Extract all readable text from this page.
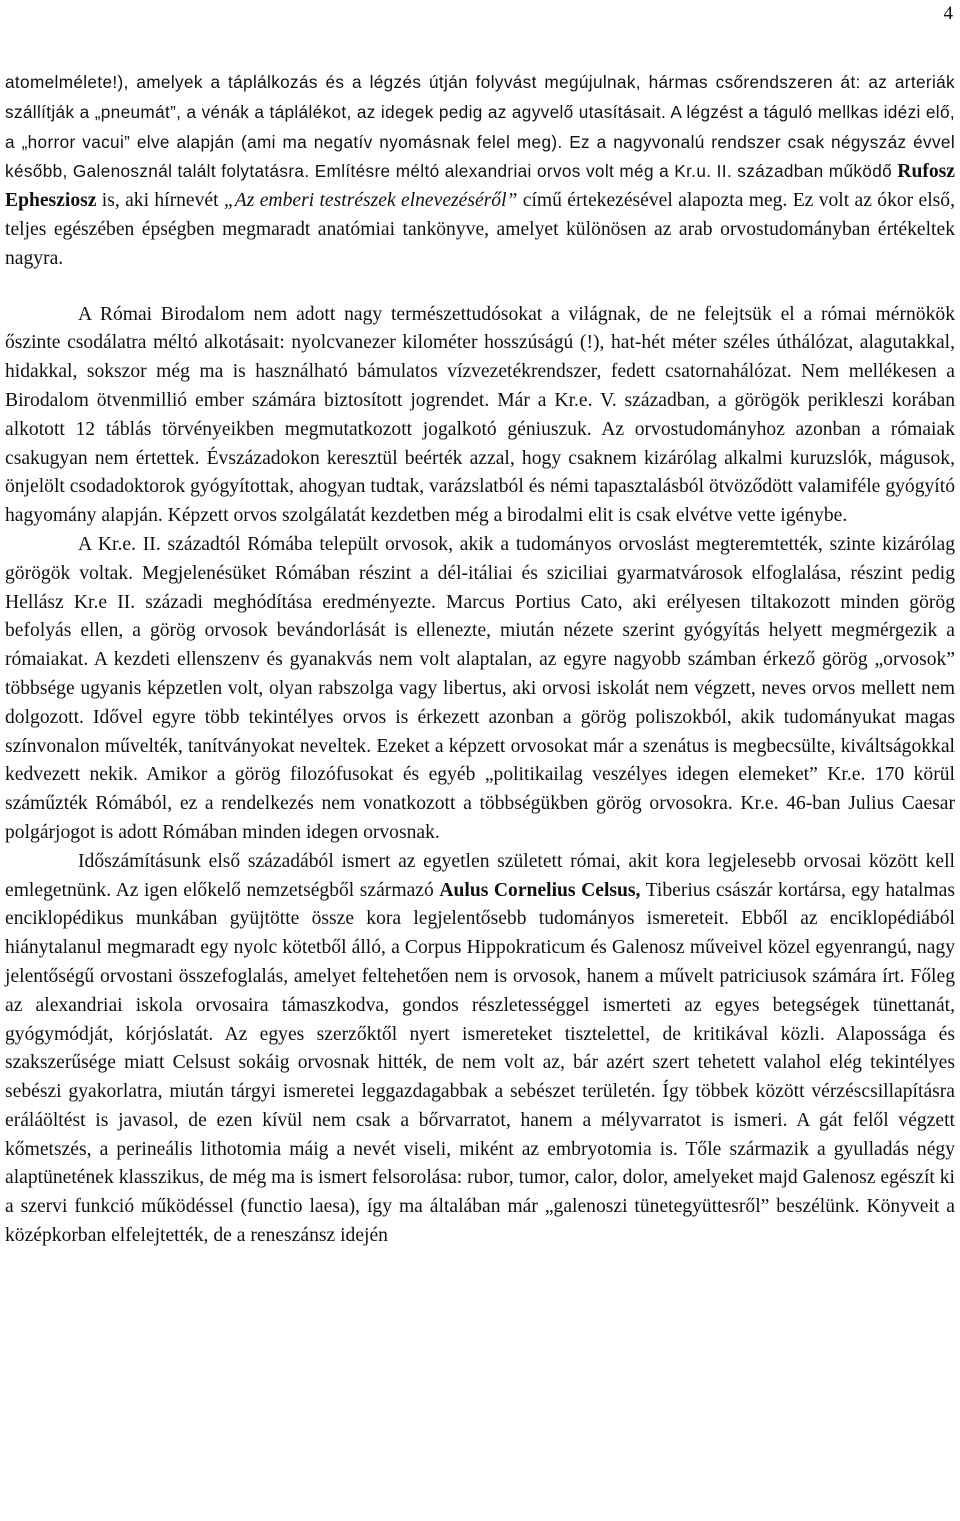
4

atomelmélete!), amelyek a táplálkozás és a légzés útján folyvást megújulnak, hármas csőrendszeren át: az arteriák szállítják a „pneumát”, a vénák a táplálékot, az idegek pedig az agyvelő utasításait. A légzést a táguló mellkas idézi elő, a „horror vacui” elve alapján (ami ma negatív nyomásnak felel meg). Ez a nagyvonalú rendszer csak négyszáz évvel később, Galenosznál talált folytatásra. Említésre méltó alexandriai orvos volt még a Kr.u. II. században működő Rufosz Ephesziosz is, aki hírnevét „Az emberi testrészek elnevezéséről” című értekezésével alapozta meg. Ez volt az ókor első, teljes egészében épségben megmaradt anatómiai tankönyve, amelyet különösen az arab orvostudományban értékeltek nagyra.

A Római Birodalom nem adott nagy természettudósokat a világnak, de ne felejtsük el a római mérnökök őszinte csodálatra méltó alkotásait: nyolcvanezer kilométer hosszúságú (!), hat-hét méter széles úthálózat, alagutakkal, hidakkal, sokszor még ma is használható bámulatos vízvezetékrendszer, fedett csatornahálózat. Nem mellékesen a Birodalom ötvenmillió ember számára biztosított jogrendet. Már a Kr.e. V. században, a görögök perikleszi korában alkotott 12 táblás törvényeikben megmutatkozott jogalkotó géniuszuk. Az orvostudományhoz azonban a rómaiak csakugyan nem értettek. Évszázadokon keresztül beérték azzal, hogy csaknem kizárólag alkalmi kuruzslók, mágusok, önjelölt csodadoktorok gyógyítottak, ahogyan tudtak, varázslatból és némi tapasztalásból ötvöződött valamiféle gyógyító hagyomány alapján. Képzett orvos szolgálatát kezdetben még a birodalmi elit is csak elvétve vette igénybe.

A Kr.e. II. századtól Rómába települt orvosok, akik a tudományos orvoslást megteremtették, szinte kizárólag görögök voltak. Megjelenésüket Rómában részint a dél-itáliai és sziciliai gyarmatvárosok elfoglalása, részint pedig Hellász Kr.e II. századi meghódítása eredményezte. Marcus Portius Cato, aki erélyesen tiltakozott minden görög befolyás ellen, a görög orvosok bevándorlását is ellenezte, miután nézete szerint gyógyítás helyett megmérgezik a rómaiakat. A kezdeti ellenszenv és gyanakvás nem volt alaptalan, az egyre nagyobb számban érkező görög „orvosok” többsége ugyanis képzetlen volt, olyan rabszolga vagy libertus, aki orvosi iskolát nem végzett, neves orvos mellett nem dolgozott. Idővel egyre több tekintélyes orvos is érkezett azonban a görög poliszokból, akik tudományukat magas színvonalon művelték, tanítványokat neveltek. Ezeket a képzett orvosokat már a szenátus is megbecsülte, kiváltságokkal kedvezett nekik. Amikor a görög filozófusokat és egyéb „politikailag veszélyes idegen elemeket” Kr.e. 170 körül száműzték Rómából, ez a rendelkezés nem vonatkozott a többségükben görög orvosokra. Kr.e. 46-ban Julius Caesar polgárjogot is adott Rómában minden idegen orvosnak.

Időszámításunk első századából ismert az egyetlen született római, akit kora legjelesebb orvosai között kell emlegetnünk. Az igen előkelő nemzetségből származó Aulus Cornelius Celsus, Tiberius császár kortársa, egy hatalmas enciklopédikus munkában gyüjtötte össze kora legjelentősebb tudományos ismereteit. Ebből az enciklopédiából hiánytalanul megmaradt egy nyolc kötetből álló, a Corpus Hippokraticum és Galenosz műveivel közel egyenrangú, nagy jelentőségű orvostani összefoglalás, amelyet feltehetően nem is orvosok, hanem a művelt patriciusok számára írt. Főleg az alexandriai iskola orvosaira támaszkodva, gondos részletességgel ismerteti az egyes betegségek tünettanát, gyógymódját, kórjóslatát. Az egyes szerzőktől nyert ismereteket tisztelettel, de kritikával közli. Alapossága és szakszerűsége miatt Celsust sokáig orvosnak hitték, de nem volt az, bár azért szert tehetett valahol elég tekintélyes sebészi gyakorlatra, miután tárgyi ismeretei leggazdagabbak a sebészet területén. Így többek között vérzéscsillapításra eráláöltést is javasol, de ezen kívül nem csak a bőrvarratot, hanem a mélyvarratot is ismeri. A gát felől végzett kőmetszés, a perineális lithotomia máig a nevét viseli, miként az embryotomia is. Tőle származik a gyulladás négy alaptünetének klasszikus, de még ma is ismert felsorolása: rubor, tumor, calor, dolor, amelyeket majd Galenosz egészít ki a szervi funkció működéssel (functio laesa), így ma általában már „galenoszi tünetegyüttesről” beszélünk. Könyveit a középkorban elfelejtették, de a reneszánsz idején
